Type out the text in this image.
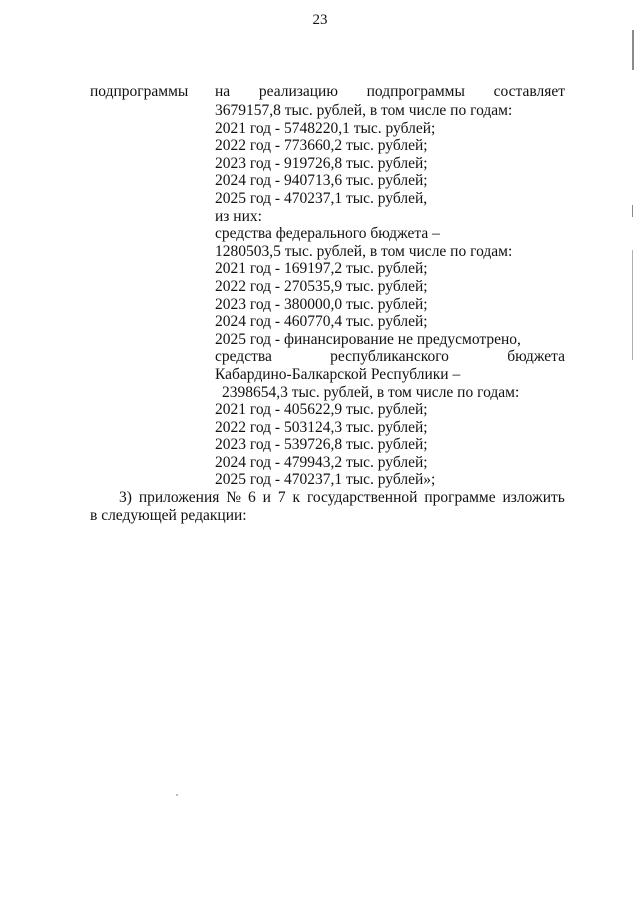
23
подпрограммы на реализацию подпрограммы составляет
3679157,8 тыс. рублей, в том числе по годам:
2021 год - 5748220,1 тыс. рублей;
2022 год - 773660,2 тыс. рублей;
2023 год - 919726,8 тыс. рублей;
2024 год - 940713,6 тыс. рублей;
2025 год - 470237,1 тыс. рублей,
из них:
средства федерального бюджета –
1280503,5 тыс. рублей, в том числе по годам:
2021 год - 169197,2 тыс. рублей;
2022 год - 270535,9 тыс. рублей;
2023 год - 380000,0 тыс. рублей;
2024 год - 460770,4 тыс. рублей;
2025 год - финансирование не предусмотрено,
средства	республиканского	бюджета
Кабардино-Балкарской Республики –
2398654,3 тыс. рублей, в том числе по годам:
2021 год - 405622,9 тыс. рублей;
2022 год - 503124,3 тыс. рублей;
2023 год - 539726,8 тыс. рублей;
2024 год - 479943,2 тыс. рублей;
2025 год - 470237,1 тыс. рублей»;
3) приложения № 6 и 7 к государственной программе изложить
в следующей редакции:
